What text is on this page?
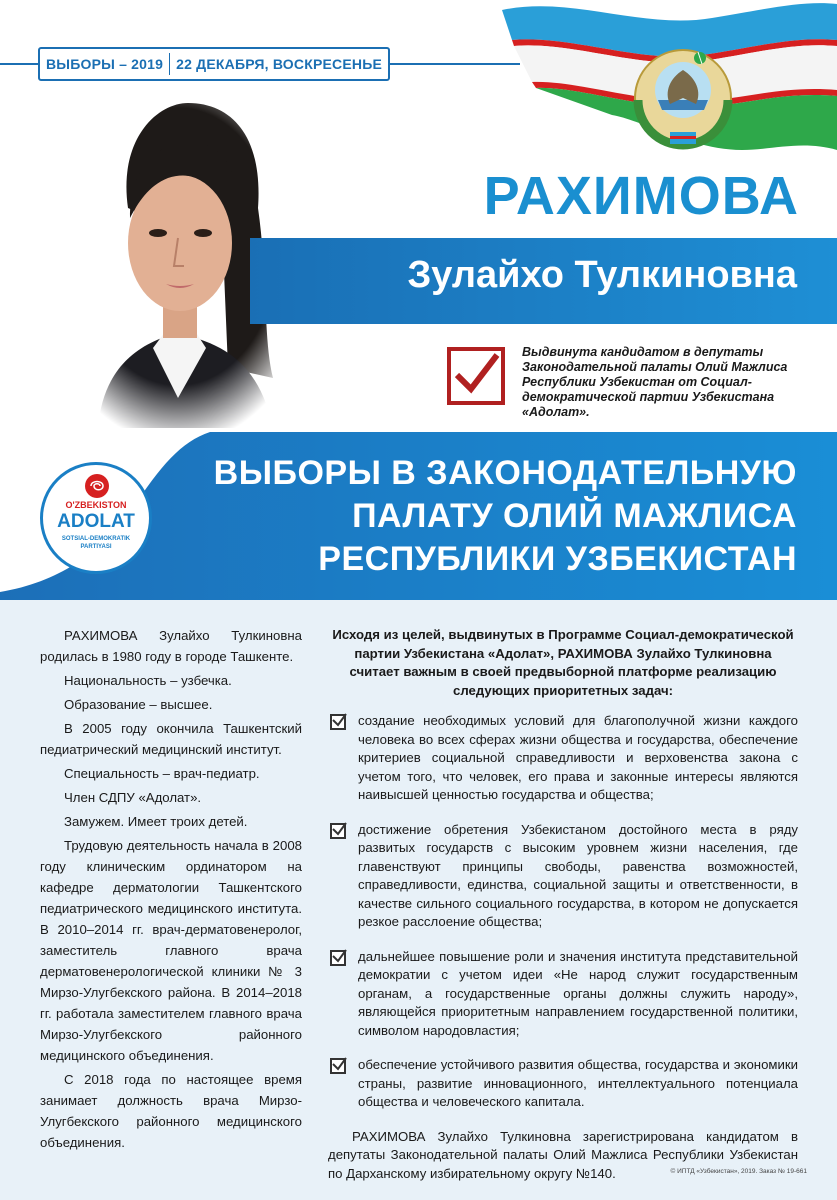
ВЫБОРЫ – 2019 22 ДЕКАБРЯ, ВОСКРЕСЕНЬЕ
РАХИМОВА
Зулайхо Тулкиновна
Выдвинута кандидатом в депутаты Законодательной палаты Олий Мажлиса Республики Узбекистан от Социал-демократической партии Узбекистана «Адолат».
ВЫБОРЫ В ЗАКОНОДАТЕЛЬНУЮ
ПАЛАТУ ОЛИЙ МАЖЛИСА
РЕСПУБЛИКИ УЗБЕКИСТАН
O'ZBEKISTON
ADOLAT
SOTSIAL-DEMOKRATIK
PARTIYASI

РАХИМОВА Зулайхо Тулкиновна родилась в 1980 году в городе Ташкенте.

Национальность – узбечка.

Образование – высшее.

В 2005 году окончила Ташкентский педиатрический медицинский институт.

Специальность – врач-педиатр.

Член СДПУ «Адолат».

Замужем. Имеет троих детей.

Трудовую деятельность начала в 2008 году клиническим ординатором на кафедре дерматологии Ташкентского педиатрического медицинского института. В 2010–2014 гг. врач-дерматовенеролог, заместитель главного врача дерматовенерологической клиники № 3 Мирзо-Улугбекского района. В 2014–2018 гг. работала заместителем главного врача Мирзо-Улугбекского районного медицинского объединения.

С 2018 года по настоящее время занимает должность врача Мирзо-Улугбекского районного медицинского объединения.

Исходя из целей, выдвинутых в Программе Социал-демократической партии Узбекистана «Адолат», РАХИМОВА Зулайхо Тулкиновна считает важным в своей предвыборной платформе реализацию следующих приоритетных задач:
создание необходимых условий для благополучной жизни каждого человека во всех сферах жизни общества и государства, обеспечение критериев социальной справедливости и верховенства закона с учетом того, что человек, его права и законные интересы являются наивысшей ценностью государства и общества;
достижение обретения Узбекистаном достойного места в ряду развитых государств с высоким уровнем жизни населения, где главенствуют принципы свободы, равенства возможностей, справедливости, единства, социальной защиты и ответственности, в качестве сильного социального государства, в котором не допускается резкое расслоение общества;
дальнейшее повышение роли и значения института представительной демократии с учетом идеи «Не народ служит государственным органам, а государственные органы должны служить народу», являющейся приоритетным направлением государственной политики, символом народовластия;
обеспечение устойчивого развития общества, государства и экономики страны, развитие инновационного, интеллектуального потенциала общества и человеческого капитала.

РАХИМОВА Зулайхо Тулкиновна зарегистрирована кандидатом в депутаты Законодательной палаты Олий Мажлиса Республики Узбекистан по Дарханскому избирательному округу №140.	© ИПТД «Узбекистан», 2019. Заказ № 19-661
